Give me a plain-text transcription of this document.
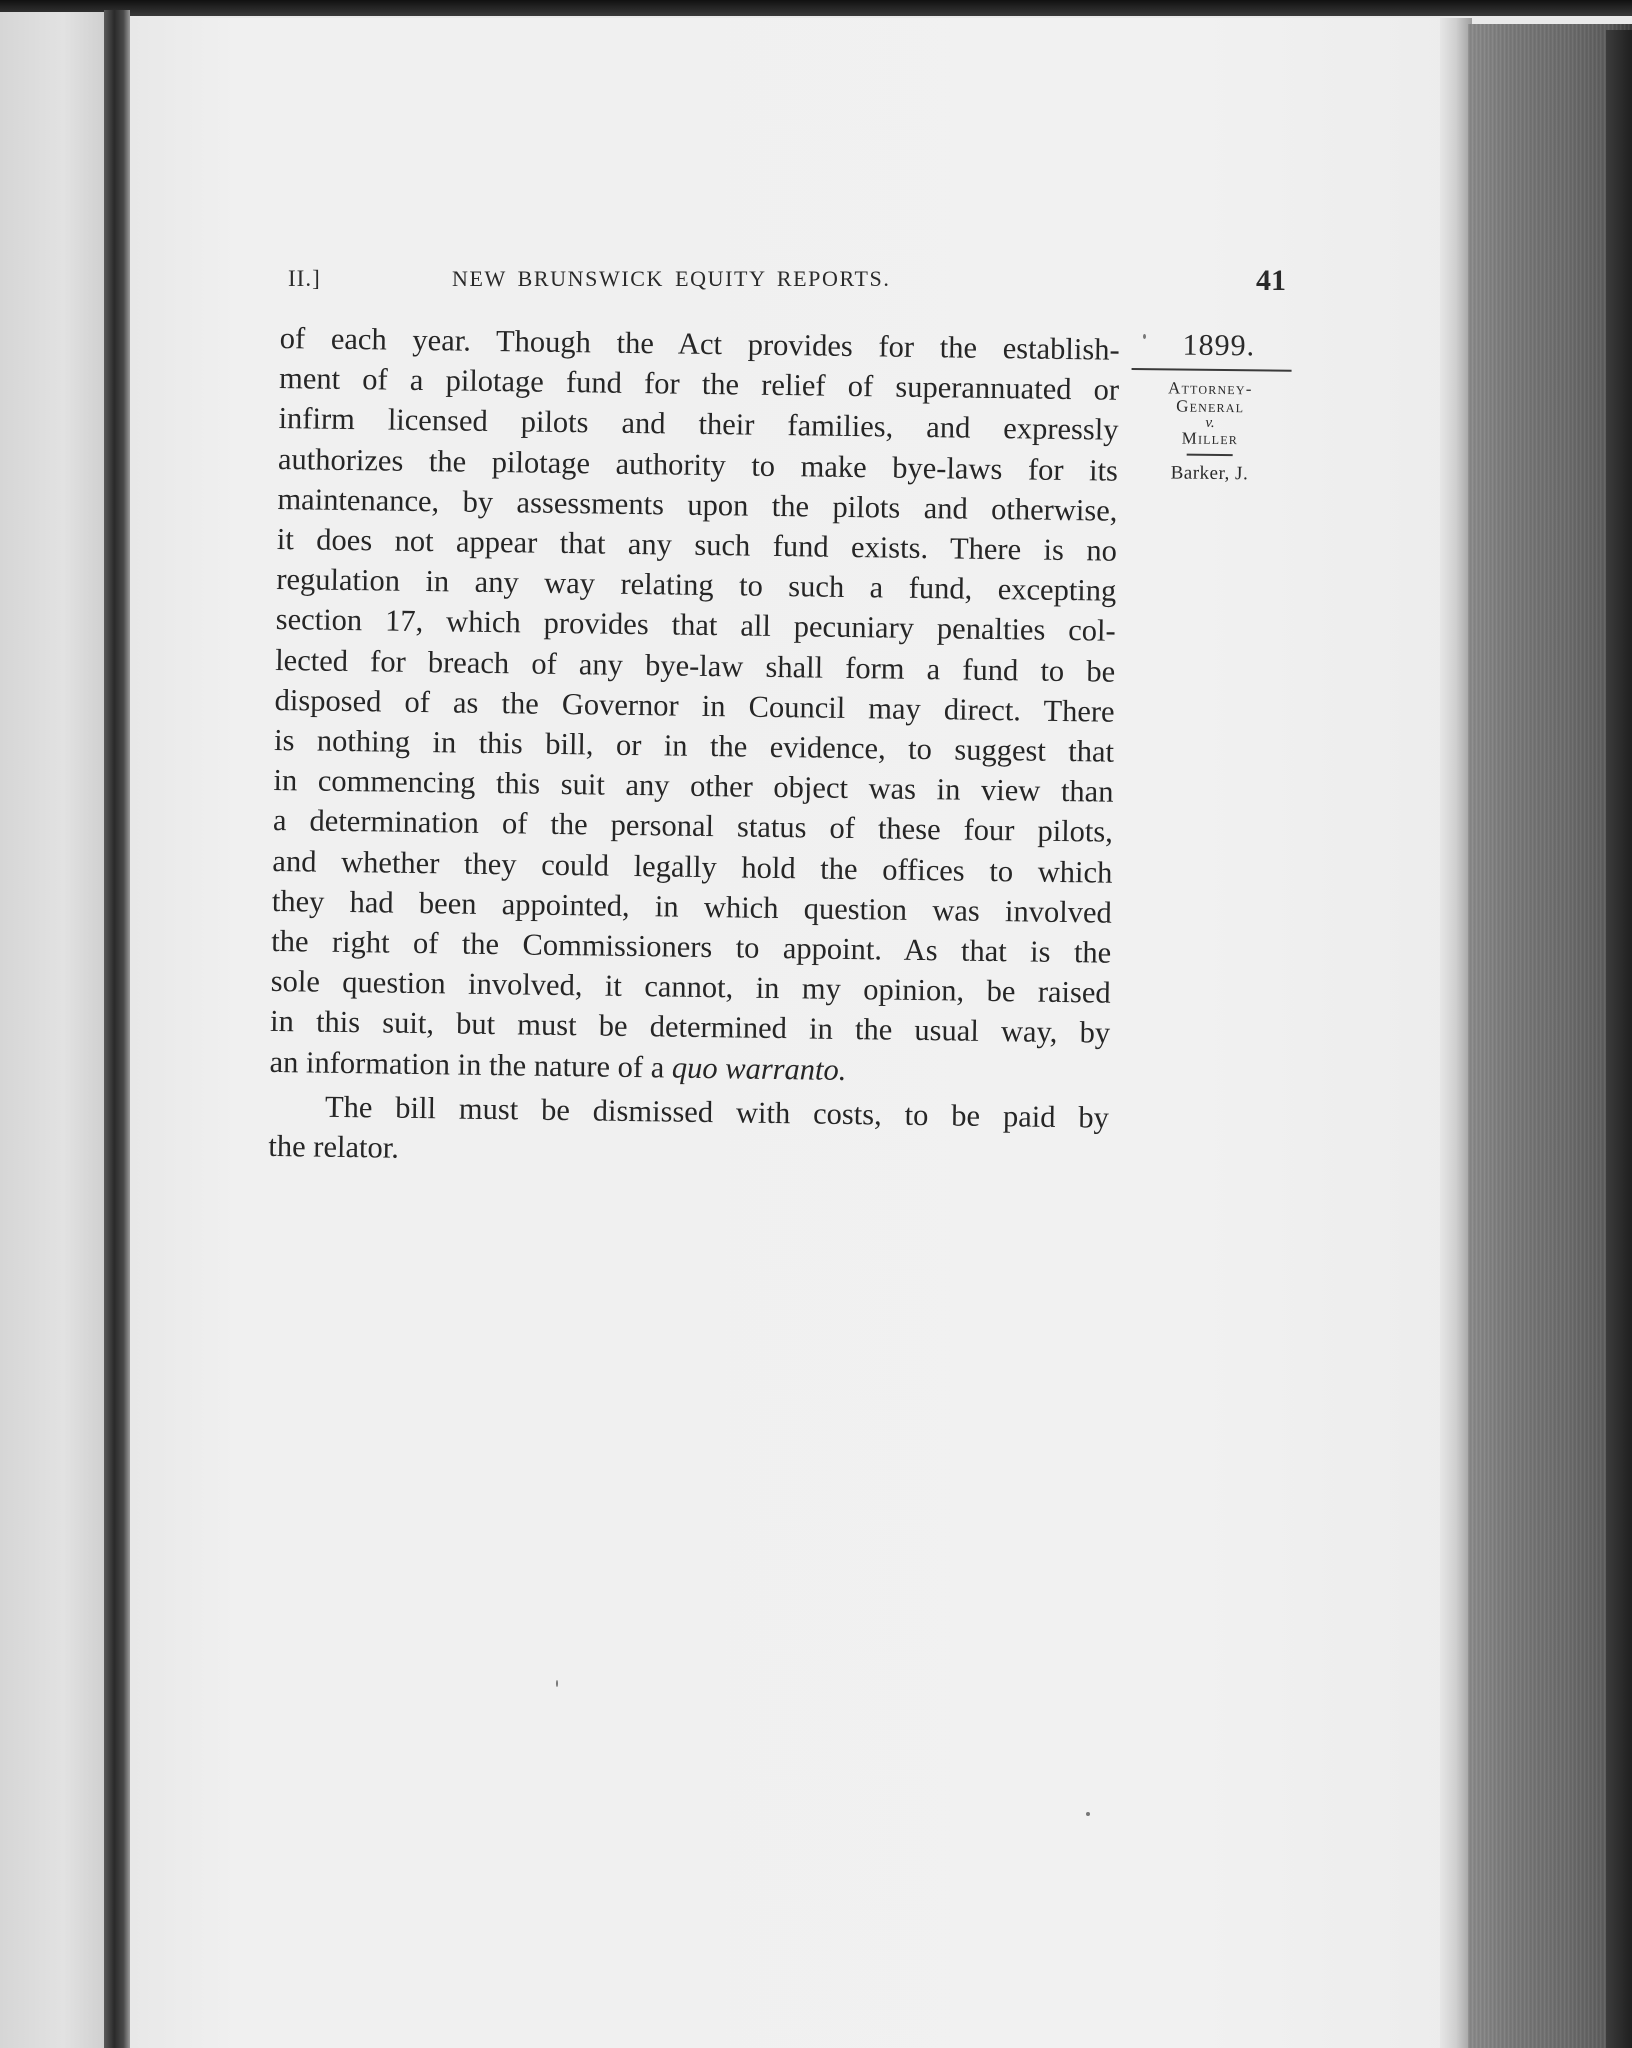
II.]	NEW BRUNSWICK EQUITY REPORTS.	41
of each year. Though the Act provides for the establish-
ment of a pilotage fund for the relief of superannuated or
infirm licensed pilots and their families, and expressly
authorizes the pilotage authority to make bye-laws for its
maintenance, by assessments upon the pilots and otherwise,
it does not appear that any such fund exists. There is no
regulation in any way relating to such a fund, excepting
section 17, which provides that all pecuniary penalties col-
lected for breach of any bye-law shall form a fund to be
disposed of as the Governor in Council may direct. There
is nothing in this bill, or in the evidence, to suggest that
in commencing this suit any other object was in view than
a determination of the personal status of these four pilots,
and whether they could legally hold the offices to which
they had been appointed, in which question was involved
the right of the Commissioners to appoint. As that is the
sole question involved, it cannot, in my opinion, be raised
in this suit, but must be determined in the usual way, by
an information in the nature of a quo warranto.
The bill must be dismissed with costs, to be paid by
the relator.
1899.
Attorney-
General
v.
Miller
Barker, J.
